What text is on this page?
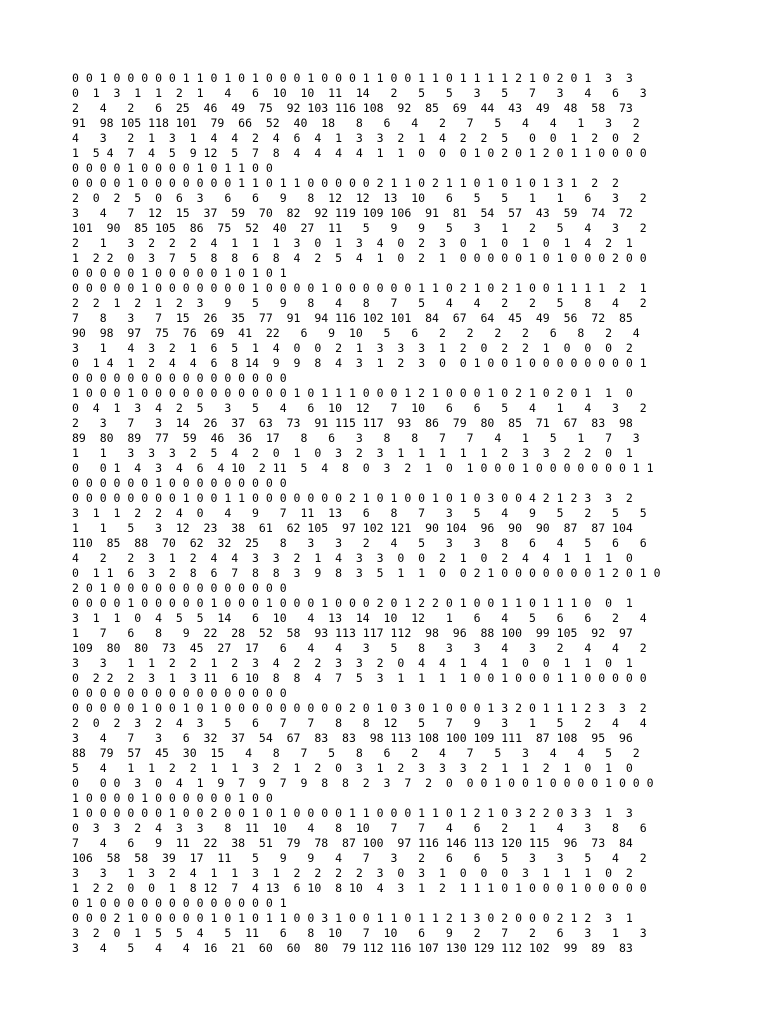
0 0 1 0 0 0 0 0 1 1 0 1 0 1 0 0 0 1 0 0 0 1 1 0 0 1 1 0 1 1 1 1 2 1 0 2 0 1  3  3
0  1  3  1  1  2  1   4   6  10  10  11  14   2   5   5   3   5   7   3   4   6   3
2   4   2   6  25  46  49  75  92 103 116 108  92  85  69  44  43  49  48  58  73
91  98 105 118 101  79  66  52  40  18   8   6   4   2   7   5   4   4   1   3   2
4   3   2  1  3  1  4  4  2  4  6  4  1  3  3  2  1  4  2  2  5   0  0  1  2  0  2
1  5 4  7  4  5  9 12  5  7  8  4  4  4  4  1  1  0  0  0 1 0 2 0 1 2 0 1 1 0 0 0 0
0 0 0 0 1 0 0 0 0 1 0 1 1 0 0
0 0 0 0 1 0 0 0 0 0 0 0 1 1 0 1 1 0 0 0 0 0 2 1 1 0 2 1 1 0 1 0 1 0 1 3 1  2  2
2  0  2  5  0  6  3   6   6   9   8  12  12  13  10   6   5   5   1   1   6   3   2
3   4   7  12  15  37  59  70  82  92 119 109 106  91  81  54  57  43  59  74  72
101  90  85 105  86  75  52  40  27  11   5   9   9   5   3   1   2   5   4   3   2
2   1   3  2  2  2  4  1  1  1  3  0  1  3  4  0  2  3  0  1  0  1  0  1  4  2  1
1  2 2  0  3  7  5  8  8  6  8  4  2  5  4  1  0  2  1  0 0 0 0 0 1 0 1 0 0 0 2 0 0
0 0 0 0 0 1 0 0 0 0 0 1 0 1 0 1
0 0 0 0 0 1 0 0 0 0 0 0 0 1 0 0 0 0 1 0 0 0 0 0 0 1 1 0 2 1 0 2 1 0 0 1 1 1 1  2  1
2  2  1  2  1  2  3   9   5   9   8   4   8   7   5   4   4   2   2   5   8   4   2
7   8   3   7  15  26  35  77  91  94 116 102 101  84  67  64  45  49  56  72  85
90  98  97  75  76  69  41  22   6   9  10   5   6   2   2   2   2   6   8   2   4
3   1   4  3  2  1  6  5  1  4  0  0  2  1  3  3  3  1  2  0  2  2  1  0  0  0  2
0  1 4  1  2  4  4  6  8 14  9  9  8  4  3  1  2  3  0  0 1 0 0 1 0 0 0 0 0 0 0 0 1
0 0 0 0 0 0 0 0 0 0 0 0 0 0 0 0
1 0 0 0 1 0 0 0 0 0 0 0 0 0 0 0 1 0 1 1 1 0 0 0 1 2 1 0 0 0 1 0 2 1 0 2 0 1  1  0
0  4  1  3  4  2  5   3   5   4   6  10  12   7  10   6   6   5   4   1   4   3   2
2   3   7   3  14  26  37  63  73  91 115 117  93  86  79  80  85  71  67  83  98
89  80  89  77  59  46  36  17   8   6   3   8   8   7   7   4   1   5   1   7   3
1   1   3  3  3  2  5  4  2  0  1  0  3  2  3  1  1  1  1  1  2  3  3  2  2  0  1
0   0 1  4  3  4  6  4 10  2 11  5  4  8  0  3  2  1  0  1 0 0 0 1 0 0 0 0 0 0 0 1 1
0 0 0 0 0 0 1 0 0 0 0 0 0 0 0 0
0 0 0 0 0 0 0 0 1 0 0 1 1 0 0 0 0 0 0 0 2 1 0 1 0 0 1 0 1 0 3 0 0 4 2 1 2 3  3  2
3  1  1  2  2  4  0   4   9   7  11  13   6   8   7   3   5   4   9   5   2   5   5
1   1   5   3  12  23  38  61  62 105  97 102 121  90 104  96  90  90  87  87 104
110  85  88  70  62  32  25   8   3   3   2   4   5   3   3   8   6   4   5   6   6
4   2   2  3  1  2  4  4  3  3  2  1  4  3  3  0  0  2  1  0  2  4  4  1  1  1  0
0  1 1  6  3  2  8  6  7  8  8  3  9  8  3  5  1  1  0  0 2 1 0 0 0 0 0 0 0 1 2 0 1 0
2 0 1 0 0 0 0 0 0 0 0 0 0 0 0 0
0 0 0 0 1 0 0 0 0 0 1 0 0 0 1 0 0 0 1 0 0 0 2 0 1 2 2 0 1 0 0 1 1 0 1 1 1 0  0  1
3  1  1  0  4  5  5  14   6  10   4  13  14  10  12   1   6   4   5   6   6   2   4
1   7   6   8   9  22  28  52  58  93 113 117 112  98  96  88 100  99 105  92  97
109  80  80  73  45  27  17   6   4   4   3   5   8   3   3   4   3   2   4   4   2
3   3   1  1  2  2  1  2  3  4  2  2  3  3  2  0  4  4  1  4  1  0  0  1  1  0  1
0  2 2  2  3  1  3 11  6 10  8  8  4  7  5  3  1  1  1  1 0 0 1 0 0 0 1 1 0 0 0 0 0
0 0 0 0 0 0 0 0 0 0 0 0 0 0 0 0
0 0 0 0 0 1 0 0 1 0 1 0 0 0 0 0 0 0 0 0 2 0 1 0 3 0 1 0 0 0 1 3 2 0 1 1 1 2 3  3  2
2  0  2  3  2  4  3   5   6   7   7   8   8  12   5   7   9   3   1   5   2   4   4
3   4   7   3   6  32  37  54  67  83  83  98 113 108 100 109 111  87 108  95  96
88  79  57  45  30  15   4   8   7   5   8   6   2   4   7   5   3   4   4   5   2
5   4   1  1  2  2  1  1  3  2  1  2  0  3  1  2  3  3  3  2  1  1  2  1  0  1  0
0   0 0  3  0  4  1  9  7  9  7  9  8  8  2  3  7  2  0  0 0 1 0 0 1 0 0 0 0 1 0 0 0
1 0 0 0 0 1 0 0 0 0 0 0 1 0 0
1 0 0 0 0 0 0 1 0 0 2 0 0 1 0 1 0 0 0 0 1 1 0 0 0 1 1 0 1 2 1 0 3 2 2 0 3 3  1  3
0  3  3  2  4  3  3   8  11  10   4   8  10   7   7   4   6   2   1   4   3   8   6
7   4   6   9  11  22  38  51  79  78  87 100  97 116 146 113 120 115  96  73  84
106  58  58  39  17  11   5   9   9   4   7   3   2   6   6   5   3   3   5   4   2
3   3   1  3  2  4  1  1  3  1  2  2  2  2  3  0  3  1  0  0  0  3  1  1  1  0  2
1  2 2  0  0  1  8 12  7  4 13  6 10  8 10  4  3  1  2  1 1 1 0 1 0 0 0 1 0 0 0 0 0
0 1 0 0 0 0 0 0 0 0 0 0 0 0 0 1
0 0 0 2 1 0 0 0 0 0 1 0 1 0 1 1 0 0 3 1 0 0 1 1 0 1 1 2 1 3 0 2 0 0 0 2 1 2  3  1
3  2  0  1  5  5  4   5  11   6   8  10   7  10   6   9   2   7   2   6   3   1   3
3   4   5   4   4  16  21  60  60  80  79 112 116 107 130 129 112 102  99  89  83
